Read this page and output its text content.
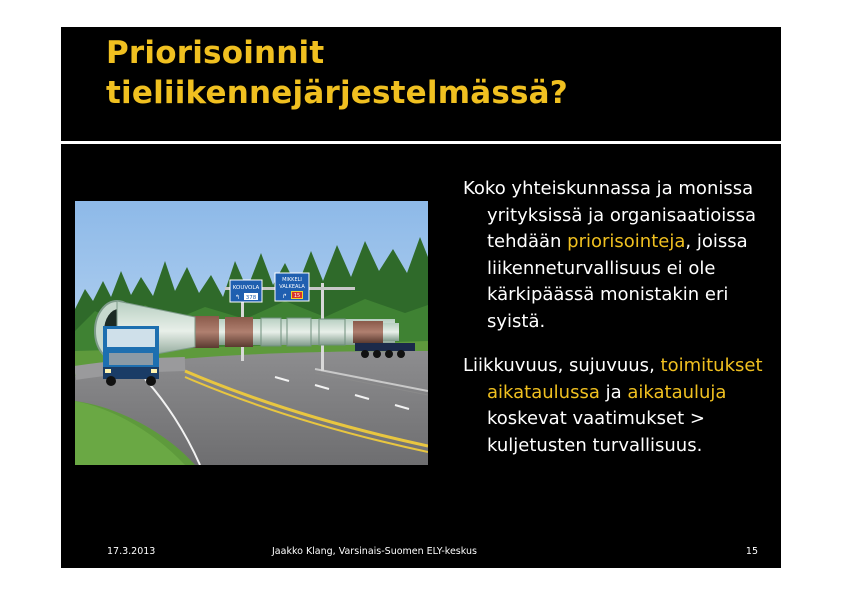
Priorisoinnit
tieliikennejärjestelmässä?
KOUVOLA
↰ 378
MIKKELI
VALKEALA
↱ 15

Koko yhteiskunnassa ja monissa yrityksissä ja organisaatioissa tehdään priorisointeja, joissa liikenneturvallisuus ei ole kärkipäässä monistakin eri syistä.

Liikkuvuus, sujuvuus, toimitukset aikataulussa ja aikatauluja koskevat vaatimukset > kuljetusten turvallisuus.

17.3.2013	Jaakko Klang, Varsinais-Suomen ELY-keskus	15
